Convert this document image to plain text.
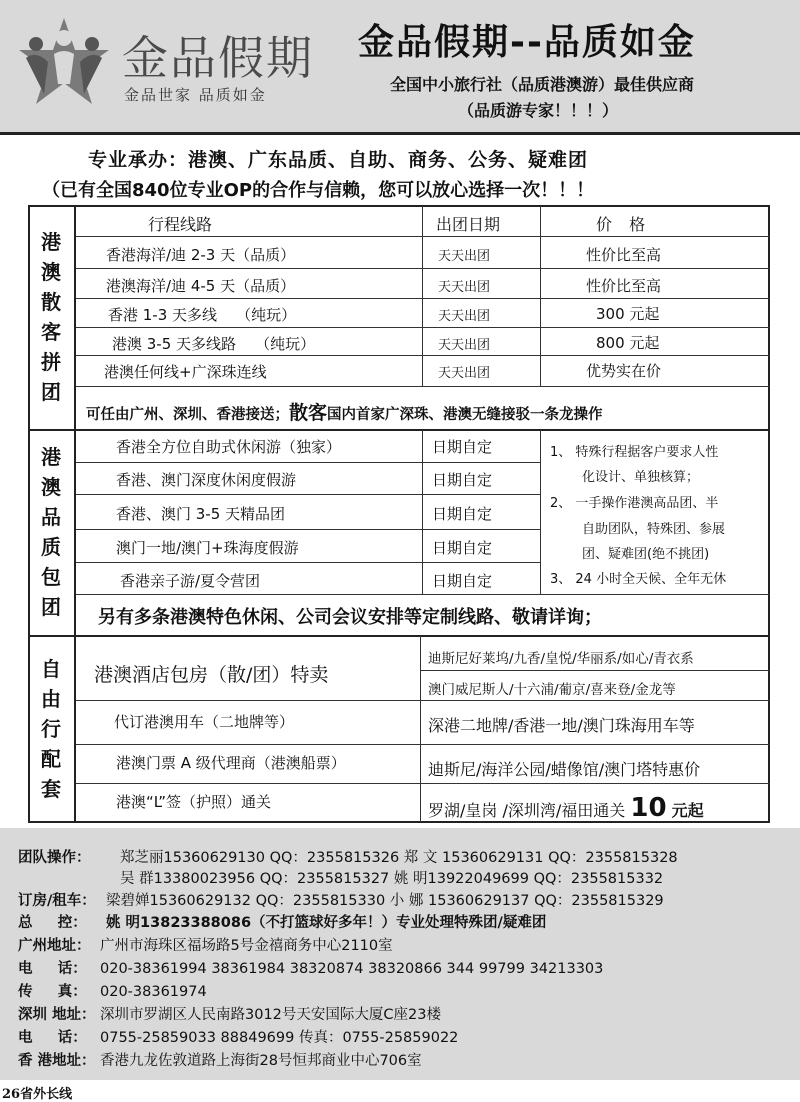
金品假期
金品世家 品质如金
金品假期--品质如金
全国中小旅行社（品质港澳游）最佳供应商
（品质游专家！！！）
专业承办：港澳、广东品质、自助、商务、公务、疑难团
（已有全国840位专业OP的合作与信赖，您可以放心选择一次！！！
港
澳
散
客
拼
团
港
澳
品
质
包
团
自
由
行
配
套
行程线路	出团日期	价 格
香港海洋/迪 2-3 天（品质）	天天出团	性价比至高
港澳海洋/迪 4-5 天（品质）	天天出团	性价比至高
香港 1-3 天多线    （纯玩）	天天出团	300 元起
港澳 3-5 天多线路    （纯玩）	天天出团	800 元起
港澳任何线+广深珠连线	天天出团	优势实在价
可任由广州、深圳、香港接送；散客国内首家广深珠、港澳无缝接驳一条龙操作
香港全方位自助式休闲游（独家）	日期自定
香港、澳门深度休闲度假游	日期自定
香港、澳门 3-5 天精品团	日期自定
澳门一地/澳门+珠海度假游	日期自定
香港亲子游/夏令营团	日期自定
1、 特殊行程据客户要求人性
化设计、单独核算；
2、 一手操作港澳高品团、半
自助团队，特殊团、参展
团、疑难团(绝不挑团)
3、 24 小时全天候、全年无休
另有多条港澳特色休闲、公司会议安排等定制线路、敬请详询；
港澳酒店包房（散/团）特卖
迪斯尼好莱坞/九香/皇悦/华丽系/如心/青衣系
澳门威尼斯人/十六浦/葡京/喜来登/金龙等
代订港澳用车（二地牌等）	深港二地牌/香港一地/澳门珠海用车等
港澳门票 A 级代理商（港澳船票）	迪斯尼/海洋公园/蜡像馆/澳门塔特惠价
港澳“L”签（护照）通关	罗湖/皇岗 /深圳湾/福田通关 10 元起
团队操作： 郑芝丽15360629130 QQ：2355815326 郑 文 15360629131 QQ：2355815328
吴 群13380023956 QQ：2355815327 姚 明13922049699 QQ：2355815332
订房/租车： 梁碧婵15360629132 QQ：2355815330 小 娜 15360629137 QQ：2355815329
总     控： 姚 明13823388086（不打篮球好多年！）专业处理特殊团/疑难团
广州地址： 广州市海珠区福场路5号金禧商务中心2110室
电     话： 020-38361994 38361984 38320874 38320866 344 99799 34213303
传     真： 020-38361974
深圳 地址： 深圳市罗湖区人民南路3012号天安国际大厦C座23楼
电     话： 0755-25859033 88849699 传真：0755-25859022
香 港地址： 香港九龙佐敦道路上海街28号恒邦商业中心706室
26省外长线
